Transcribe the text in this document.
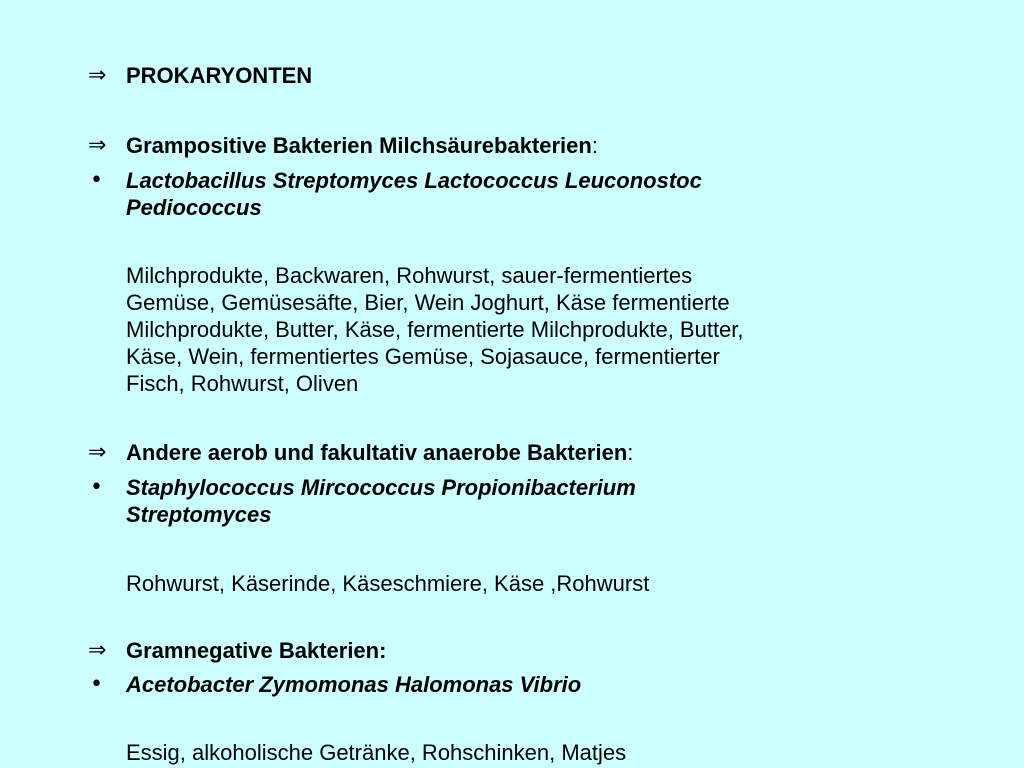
⇒ PROKARYONTEN
⇒ Grampositive Bakterien Milchsäurebakterien:
•	Lactobacillus Streptomyces Lactococcus Leuconostoc
Pediococcus
Milchprodukte, Backwaren, Rohwurst, sauer-fermentiertes
Gemüse, Gemüsesäfte, Bier, Wein Joghurt, Käse fermentierte
Milchprodukte, Butter, Käse, fermentierte Milchprodukte, Butter,
Käse, Wein, fermentiertes Gemüse, Sojasauce, fermentierter
Fisch, Rohwurst, Oliven
⇒ Andere aerob und fakultativ anaerobe Bakterien:
•	Staphylococcus Mircococcus Propionibacterium
Streptomyces
Rohwurst, Käserinde, Käseschmiere, Käse ,Rohwurst
⇒ Gramnegative Bakterien:
•	Acetobacter Zymomonas Halomonas Vibrio
Essig, alkoholische Getränke, Rohschinken, Matjes
